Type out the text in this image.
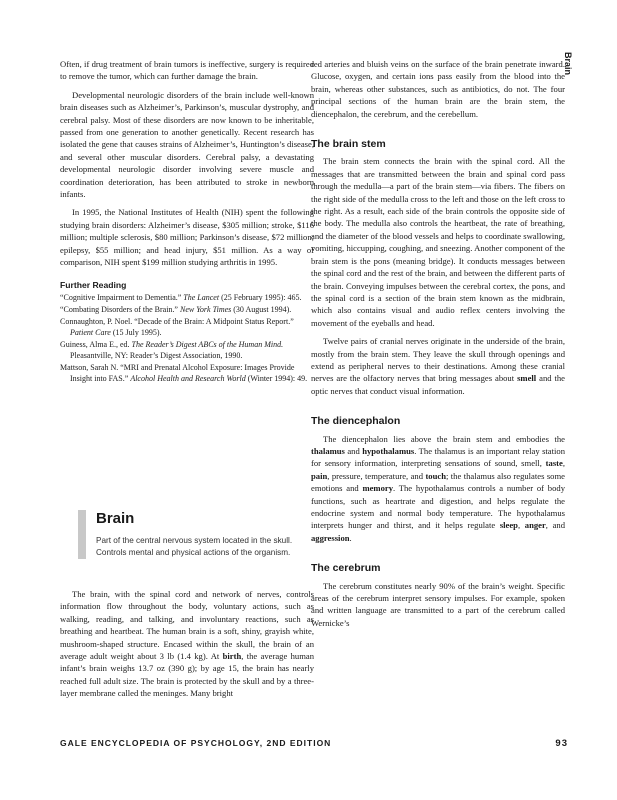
Brain

Often, if drug treatment of brain tumors is ineffective, surgery is required to remove the tumor, which can further damage the brain.

Developmental neurologic disorders of the brain include well-known brain diseases such as Alzheimer’s, Parkinson’s, muscular dystrophy, and cerebral palsy. Most of these disorders are now known to be inheritable, passed from one generation to another genetically. Recent research has isolated the gene that causes strains of Alzheimer’s, Huntington’s disease, and several other muscular disorders. Cerebral palsy, a devastating developmental neurologic disorder involving severe muscle and coordination deterioration, has been attributed to stroke in newborn infants.

In 1995, the National Institutes of Health (NIH) spent the following studying brain disorders: Alzheimer’s disease, $305 million; stroke, $116 million; multiple sclerosis, $80 million; Parkinson’s disease, $72 million; epilepsy, $55 million; and head injury, $51 million. As a way of comparison, NIH spent $199 million studying arthritis in 1995.

Further Reading
“Cognitive Impairment to Dementia.” The Lancet (25 February 1995): 465.
“Combating Disorders of the Brain.” New York Times (30 August 1994).
Connaughton, P. Noel. “Decade of the Brain: A Midpoint Status Report.” Patient Care (15 July 1995).
Guiness, Alma E., ed. The Reader’s Digest ABCs of the Human Mind. Pleasantville, NY: Reader’s Digest Association, 1990.
Mattson, Sarah N. “MRI and Prenatal Alcohol Exposure: Images Provide Insight into FAS.” Alcohol Health and Research World (Winter 1994): 49.
Brain
Part of the central nervous system located in the skull. Controls mental and physical actions of the organism.

The brain, with the spinal cord and network of nerves, controls information flow throughout the body, voluntary actions, such as walking, reading, and talking, and involuntary reactions, such as breathing and heartbeat. The human brain is a soft, shiny, grayish white, mushroom-shaped structure. Encased within the skull, the brain of an average adult weight about 3 lb (1.4 kg). At birth, the average human infant’s brain weighs 13.7 oz (390 g); by age 15, the brain has nearly reached full adult size. The brain is protected by the skull and by a three-layer membrane called the meninges. Many bright

red arteries and bluish veins on the surface of the brain penetrate inward. Glucose, oxygen, and certain ions pass easily from the blood into the brain, whereas other substances, such as antibiotics, do not. The four principal sections of the human brain are the brain stem, the diencephalon, the cerebrum, and the cerebellum.

The brain stem

The brain stem connects the brain with the spinal cord. All the messages that are transmitted between the brain and spinal cord pass through the medulla—a part of the brain stem—via fibers. The fibers on the right side of the medulla cross to the left and those on the left cross to the right. As a result, each side of the brain controls the opposite side of the body. The medulla also controls the heartbeat, the rate of breathing, and the diameter of the blood vessels and helps to coordinate swallowing, vomiting, hiccupping, coughing, and sneezing. Another component of the brain stem is the pons (meaning bridge). It conducts messages between the spinal cord and the rest of the brain, and between the different parts of the brain. Conveying impulses between the cerebral cortex, the pons, and the spinal cord is a section of the brain stem known as the midbrain, which also contains visual and audio reflex centers involving the movement of the eyeballs and head.

Twelve pairs of cranial nerves originate in the underside of the brain, mostly from the brain stem. They leave the skull through openings and extend as peripheral nerves to their destinations. Among these cranial nerves are the olfactory nerves that bring messages about smell and the optic nerves that conduct visual information.

The diencephalon

The diencephalon lies above the brain stem and embodies the thalamus and hypothalamus. The thalamus is an important relay station for sensory information, interpreting sensations of sound, smell, taste, pain, pressure, temperature, and touch; the thalamus also regulates some emotions and memory. The hypothalamus controls a number of body functions, such as heartrate and digestion, and helps regulate the endocrine system and normal body temperature. The hypothalamus interprets hunger and thirst, and it helps regulate sleep, anger, and aggression.

The cerebrum

The cerebrum constitutes nearly 90% of the brain’s weight. Specific areas of the cerebrum interpret sensory impulses. For example, spoken and written language are transmitted to a part of the cerebrum called Wernicke’s

GALE ENCYCLOPEDIA OF PSYCHOLOGY, 2ND EDITION	93
